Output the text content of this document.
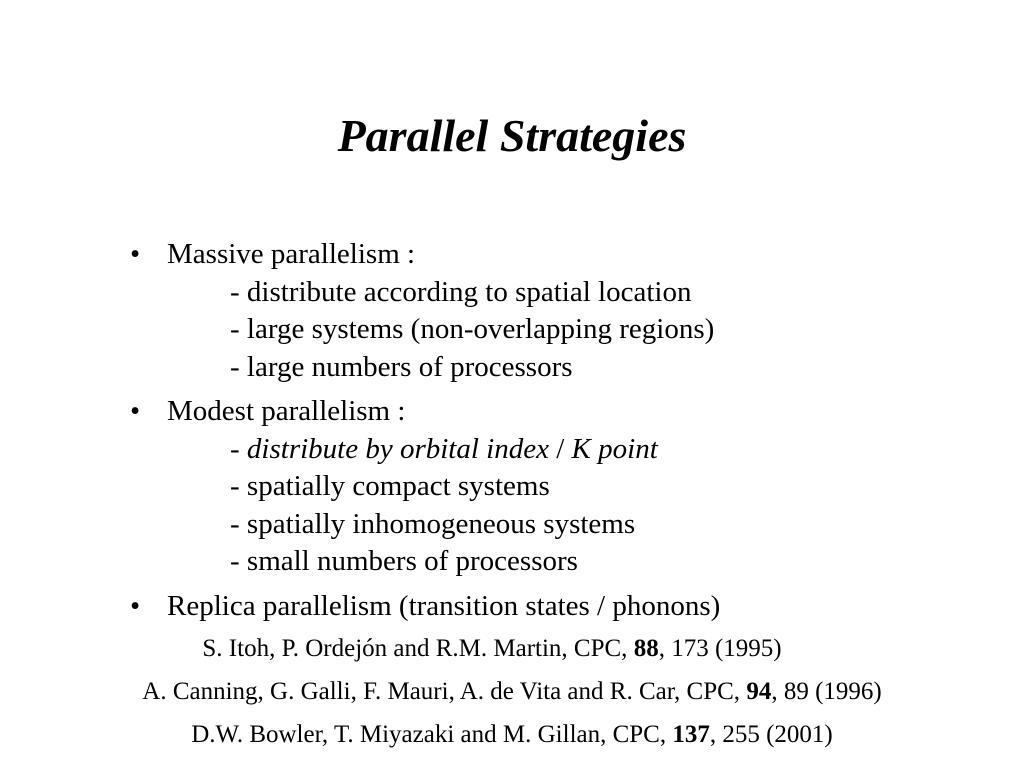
Parallel Strategies
• Massive parallelism :
- distribute according to spatial location
- large systems (non-overlapping regions)
- large numbers of processors
• Modest parallelism :
- distribute by orbital index / K point
- spatially compact systems
- spatially inhomogeneous systems
- small numbers of processors
• Replica parallelism (transition states / phonons)
S. Itoh, P. Ordejón and R.M. Martin, CPC, 88, 173 (1995)
A. Canning, G. Galli, F. Mauri, A. de Vita and R. Car, CPC, 94, 89 (1996)
D.W. Bowler, T. Miyazaki and M. Gillan, CPC, 137, 255 (2001)
